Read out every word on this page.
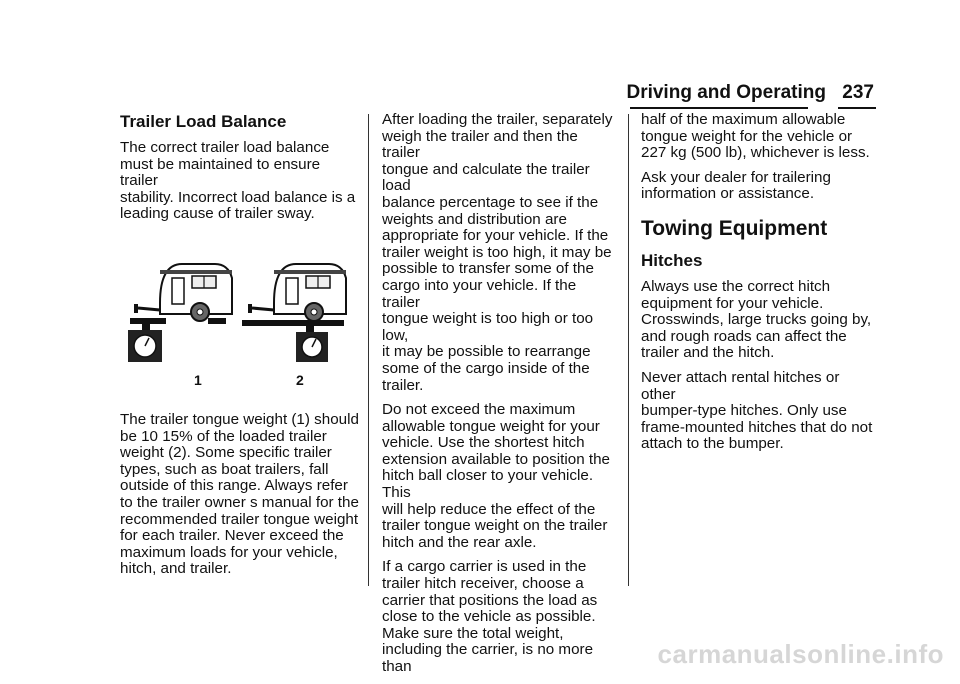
Driving and Operating 237
Trailer Load Balance

The correct trailer load balance
must be maintained to ensure trailer
stability. Incorrect load balance is a
leading cause of trailer sway.

1	2

The trailer tongue weight (1) should
be 10 15% of the loaded trailer
weight (2). Some specific trailer
types, such as boat trailers, fall
outside of this range. Always refer
to the trailer owner s manual for the
recommended trailer tongue weight
for each trailer. Never exceed the
maximum loads for your vehicle,
hitch, and trailer.

After loading the trailer, separately
weigh the trailer and then the trailer
tongue and calculate the trailer load
balance percentage to see if the
weights and distribution are
appropriate for your vehicle. If the
trailer weight is too high, it may be
possible to transfer some of the
cargo into your vehicle. If the trailer
tongue weight is too high or too low,
it may be possible to rearrange
some of the cargo inside of the
trailer.

Do not exceed the maximum
allowable tongue weight for your
vehicle. Use the shortest hitch
extension available to position the
hitch ball closer to your vehicle. This
will help reduce the effect of the
trailer tongue weight on the trailer
hitch and the rear axle.

If a cargo carrier is used in the
trailer hitch receiver, choose a
carrier that positions the load as
close to the vehicle as possible.
Make sure the total weight,
including the carrier, is no more than

half of the maximum allowable
tongue weight for the vehicle or
227 kg (500 lb), whichever is less.

Ask your dealer for trailering
information or assistance.

Towing Equipment
Hitches

Always use the correct hitch
equipment for your vehicle.
Crosswinds, large trucks going by,
and rough roads can affect the
trailer and the hitch.

Never attach rental hitches or other
bumper-type hitches. Only use
frame-mounted hitches that do not
attach to the bumper.

carmanualsonline.info
